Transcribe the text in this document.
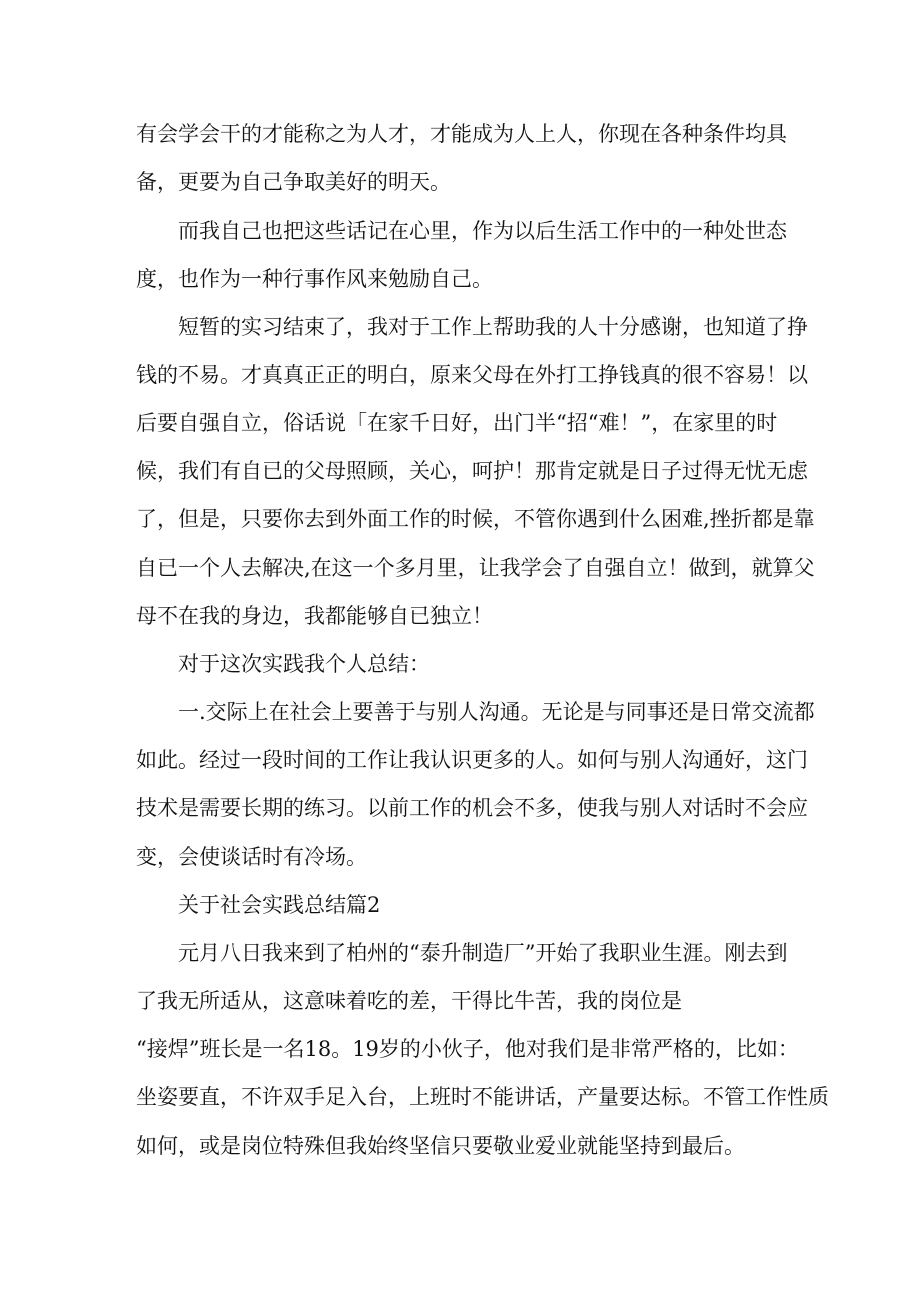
有会学会干的才能称之为人才，才能成为人上人，你现在各种条件均具

备，更要为自己争取美好的明天。

而我自己也把这些话记在心里，作为以后生活工作中的一种处世态

度，也作为一种行事作风来勉励自己。

短暂的实习结束了，我对于工作上帮助我的人十分感谢，也知道了挣

钱的不易。才真真正正的明白，原来父母在外打工挣钱真的很不容易！以

后要自强自立，俗话说「在家千日好，出门半“招“难！”，在家里的时

候，我们有自已的父母照顾，关心，呵护！那肯定就是日子过得无忧无虑

了，但是，只要你去到外面工作的时候，不管你遇到什么困难,挫折都是靠

自已一个人去解决,在这一个多月里，让我学会了自强自立！做到，就算父

母不在我的身边，我都能够自已独立！

对于这次实践我个人总结：

一.交际上在社会上要善于与别人沟通。无论是与同事还是日常交流都

如此。经过一段时间的工作让我认识更多的人。如何与别人沟通好，这门

技术是需要长期的练习。以前工作的机会不多，使我与别人对话时不会应

变，会使谈话时有冷场。

关于社会实践总结篇2

元月八日我来到了柏州的“泰升制造厂”开始了我职业生涯。刚去到

了我无所适从，这意味着吃的差，干得比牛苦，我的岗位是

“接焊”班长是一名18。19岁的小伙子，他对我们是非常严格的，比如：

坐姿要直，不许双手足入台，上班时不能讲话，产量要达标。不管工作性质

如何，或是岗位特殊但我始终坚信只要敬业爱业就能坚持到最后。
